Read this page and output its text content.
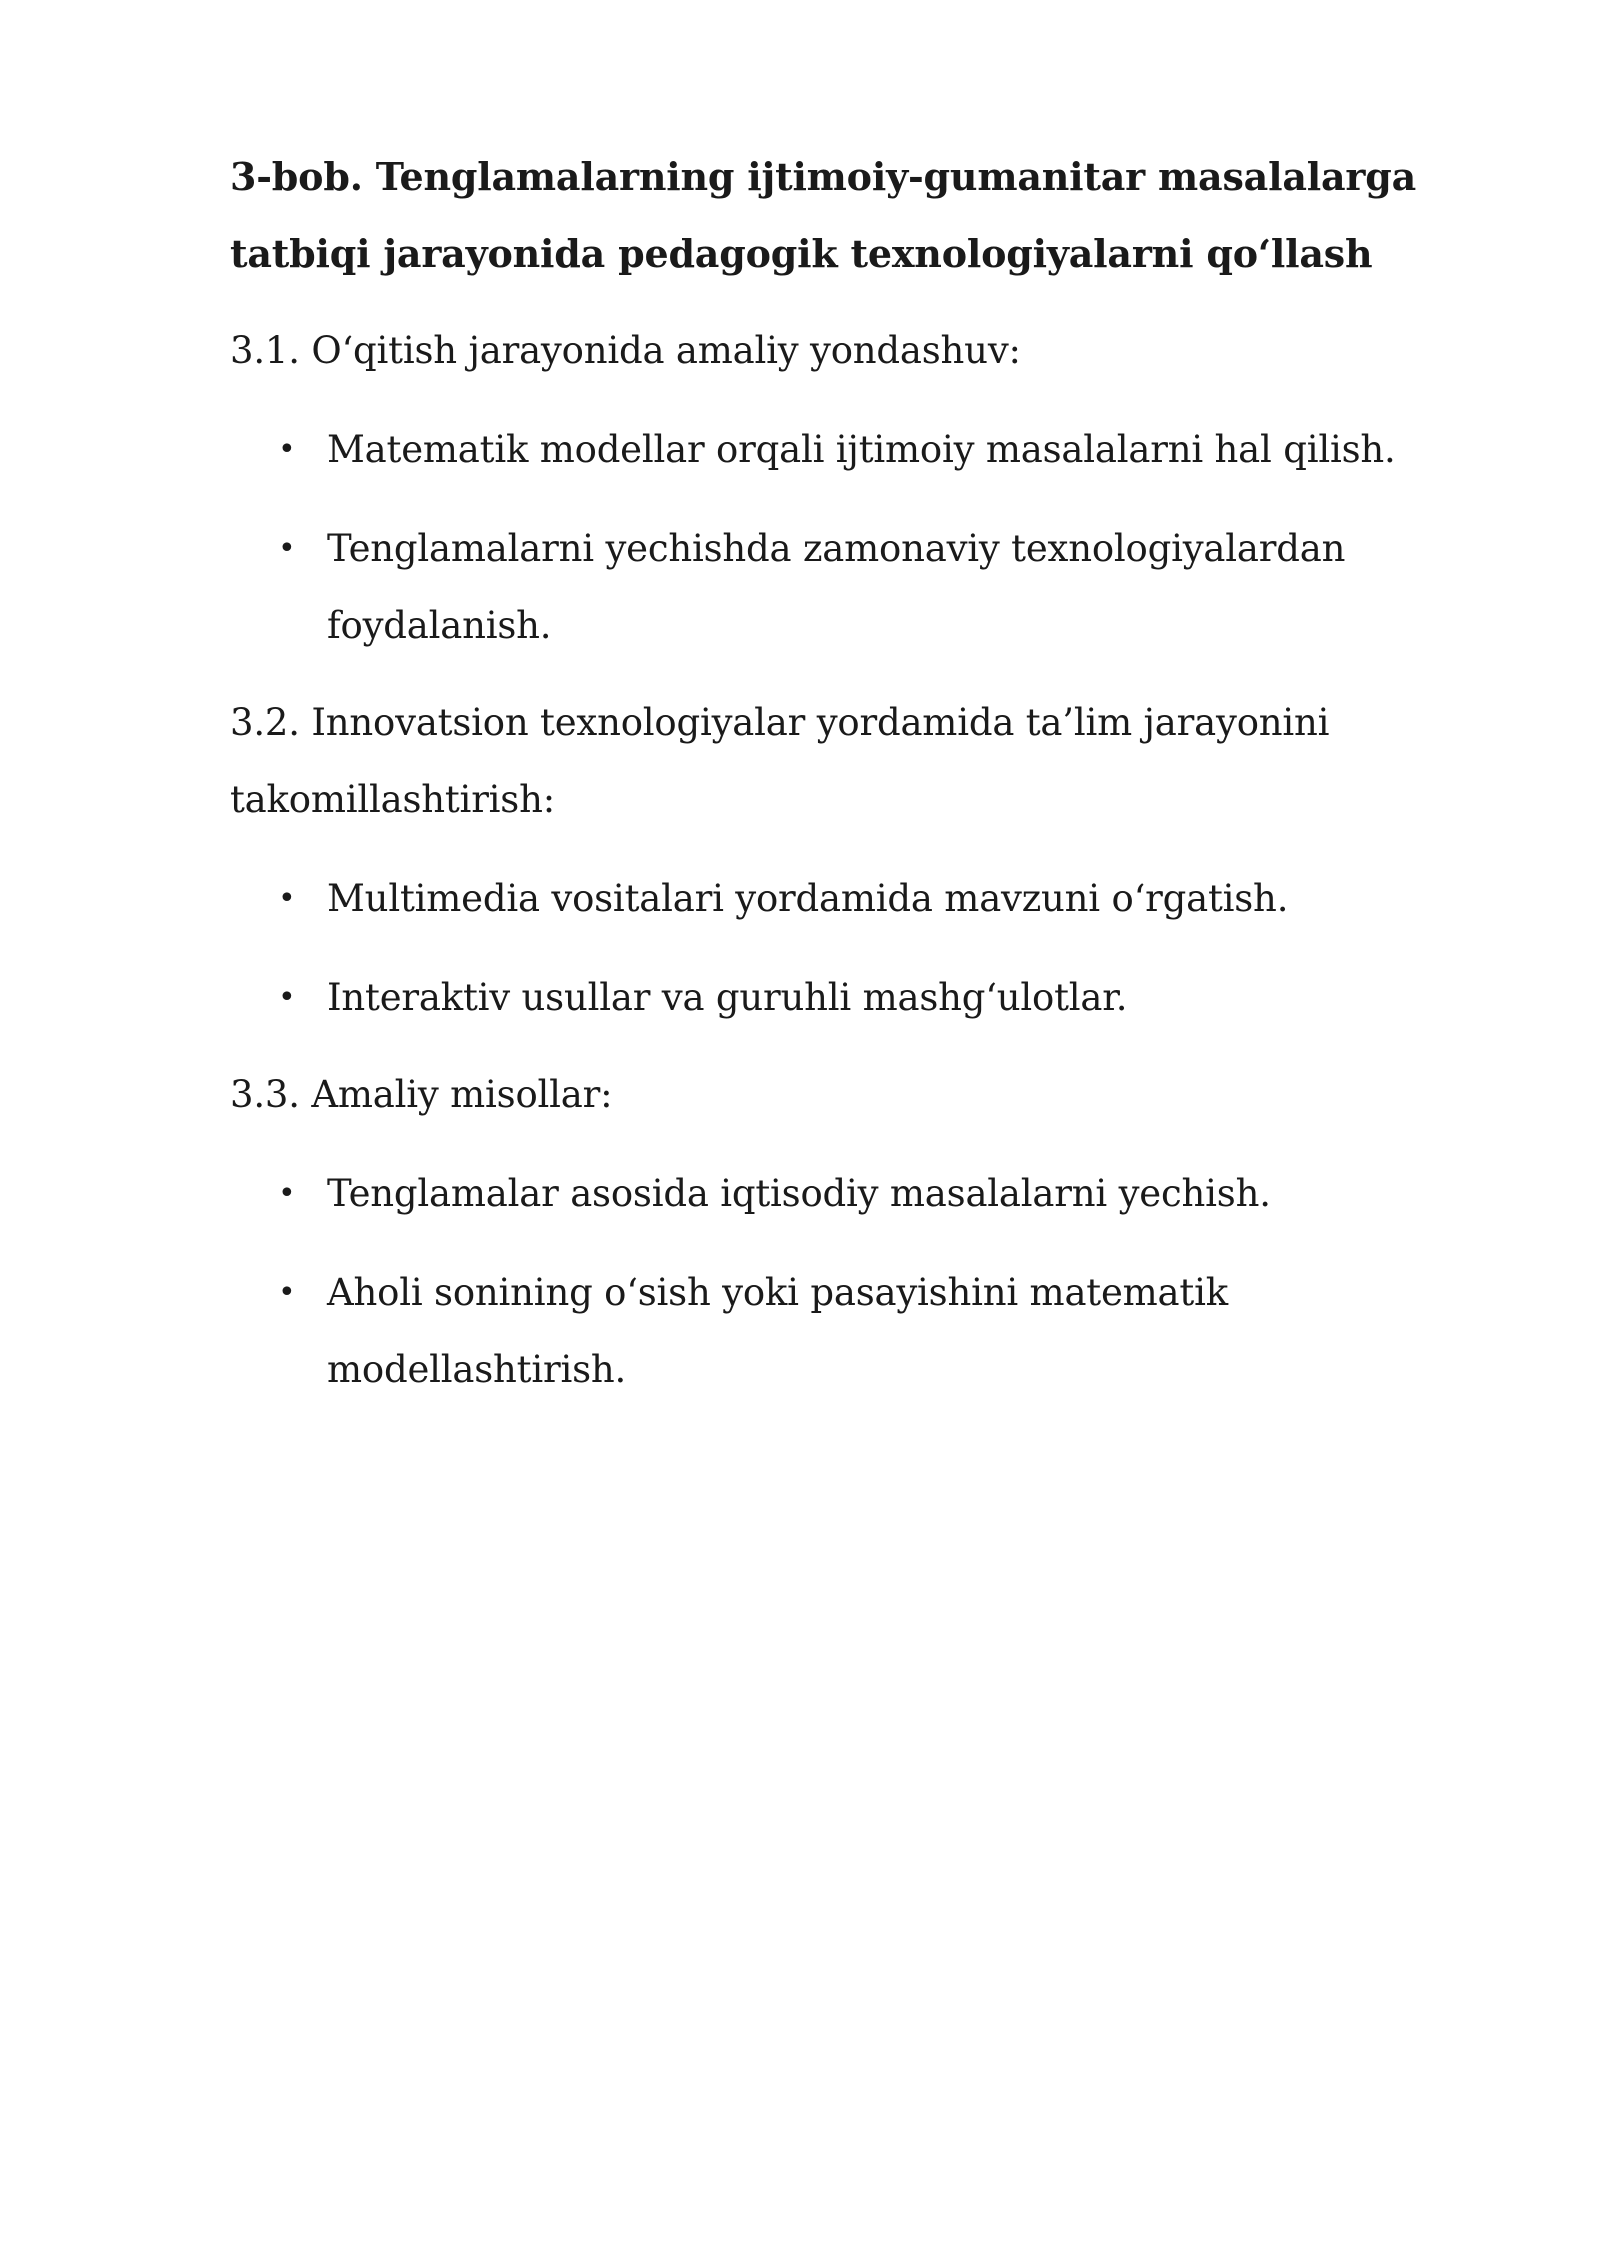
3-bob. Tenglamalarning ijtimoiy-gumanitar masalalarga tatbiqi jarayonida pedagogik texnologiyalarni qo‘llash

3.1. O‘qitish jarayonida amaliy yondashuv:

• Matematik modellar orqali ijtimoiy masalalarni hal qilish.
• Tenglamalarni yechishda zamonaviy texnologiyalardan foydalanish.

3.2. Innovatsion texnologiyalar yordamida ta’lim jarayonini takomillashtirish:

• Multimedia vositalari yordamida mavzuni o‘rgatish.
• Interaktiv usullar va guruhli mashg‘ulotlar.

3.3. Amaliy misollar:

• Tenglamalar asosida iqtisodiy masalalarni yechish.
• Aholi sonining o‘sish yoki pasayishini matematik modellashtirish.
